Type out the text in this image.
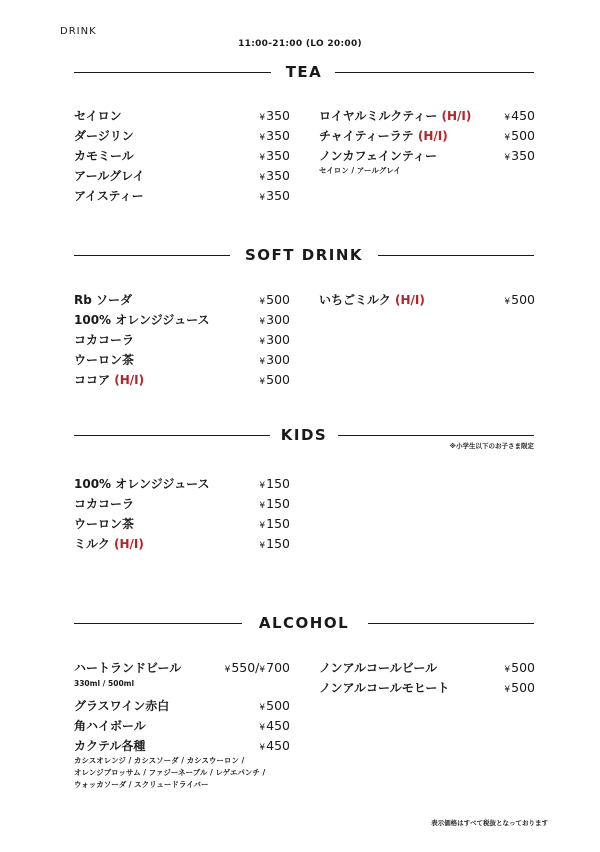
DRINK
11:00-21:00 (LO 20:00)
TEA
セイロン	¥350
ダージリン	¥350
カモミール	¥350
アールグレイ	¥350
アイスティー	¥350
ロイヤルミルクティー (H/I)	¥450
チャイティーラテ (H/I)	¥500
ノンカフェインティー	¥350
セイロン / アールグレイ
SOFT DRINK
Rb ソーダ	¥500
100% オレンジジュース	¥300
コカコーラ	¥300
ウーロン茶	¥300
ココア (H/I)	¥500
いちごミルク (H/I)	¥500
KIDS
※小学生以下のお子さま限定
100% オレンジジュース	¥150
コカコーラ	¥150
ウーロン茶	¥150
ミルク (H/I)	¥150
ALCOHOL
ハートランドビール	¥550/¥700
330ml / 500ml
グラスワイン赤白	¥500
角ハイボール	¥450
カクテル各種	¥450
カシスオレンジ / カシスソーダ / カシスウーロン /
オレンジブロッサム / ファジーネーブル / レゲエパンチ /
ウォッカソーダ / スクリュードライバー
ノンアルコールビール	¥500
ノンアルコールモヒート	¥500
表示価格はすべて税抜となっております
